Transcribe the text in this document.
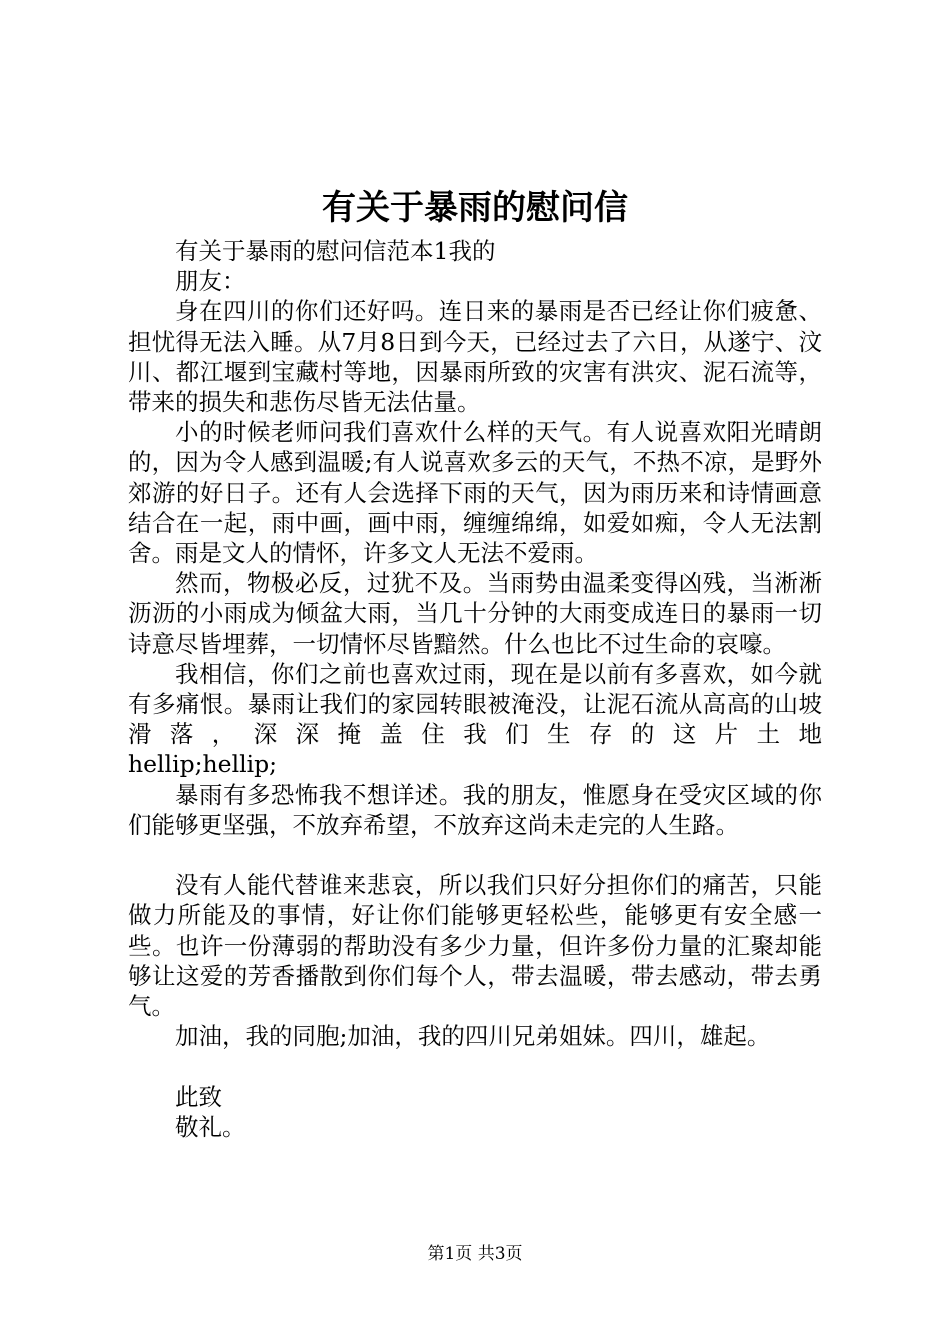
有关于暴雨的慰问信

有关于暴雨的慰问信范本1我的

朋友：

身在四川的你们还好吗。连日来的暴雨是否已经让你们疲惫、担忧得无法入睡。从7月8日到今天，已经过去了六日，从遂宁、汶川、都江堰到宝藏村等地，因暴雨所致的灾害有洪灾、泥石流等，带来的损失和悲伤尽皆无法估量。

小的时候老师问我们喜欢什么样的天气。有人说喜欢阳光晴朗的，因为令人感到温暖;有人说喜欢多云的天气，不热不凉，是野外郊游的好日子。还有人会选择下雨的天气，因为雨历来和诗情画意结合在一起，雨中画，画中雨，缠缠绵绵，如爱如痴，令人无法割舍。雨是文人的情怀，许多文人无法不爱雨。

然而，物极必反，过犹不及。当雨势由温柔变得凶残，当淅淅沥沥的小雨成为倾盆大雨，当几十分钟的大雨变成连日的暴雨一切诗意尽皆埋葬，一切情怀尽皆黯然。什么也比不过生命的哀嚎。

我相信，你们之前也喜欢过雨，现在是以前有多喜欢，如今就有多痛恨。暴雨让我们的家园转眼被淹没，让泥石流从高高的山坡滑落，深深掩盖住我们生存的这片土地

hellip;hellip;

暴雨有多恐怖我不想详述。我的朋友，惟愿身在受灾区域的你们能够更坚强，不放弃希望，不放弃这尚未走完的人生路。

没有人能代替谁来悲哀，所以我们只好分担你们的痛苦，只能做力所能及的事情，好让你们能够更轻松些，能够更有安全感一些。也许一份薄弱的帮助没有多少力量，但许多份力量的汇聚却能够让这爱的芳香播散到你们每个人，带去温暖，带去感动，带去勇气。

加油，我的同胞;加油，我的四川兄弟姐妹。四川，雄起。

此致

敬礼。

第1页 共3页
